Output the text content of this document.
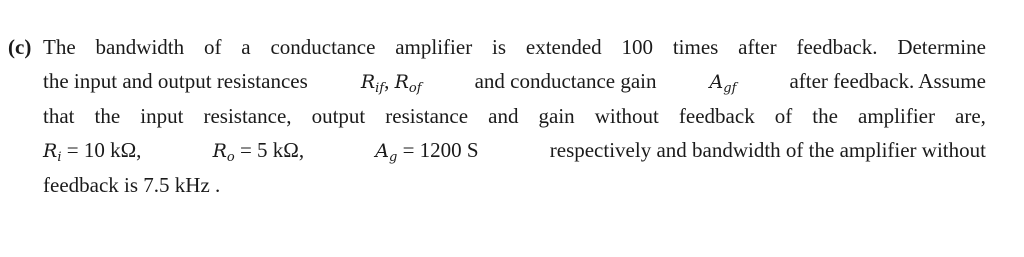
(c) The bandwidth of a conductance amplifier is extended 100 times after feedback. Determine
the input and output resistances	$R_{if}$, $R_{of}$	and conductance gain	$A_{gf}$	after feedback. Assume
that the input resistance, output resistance and gain without feedback of the amplifier are,
$R_i = 10$ kΩ,	$R_o = 5$ kΩ,	$A_g = 1200$ S	respectively and bandwidth of the amplifier without
feedback is 7.5 kHz .
